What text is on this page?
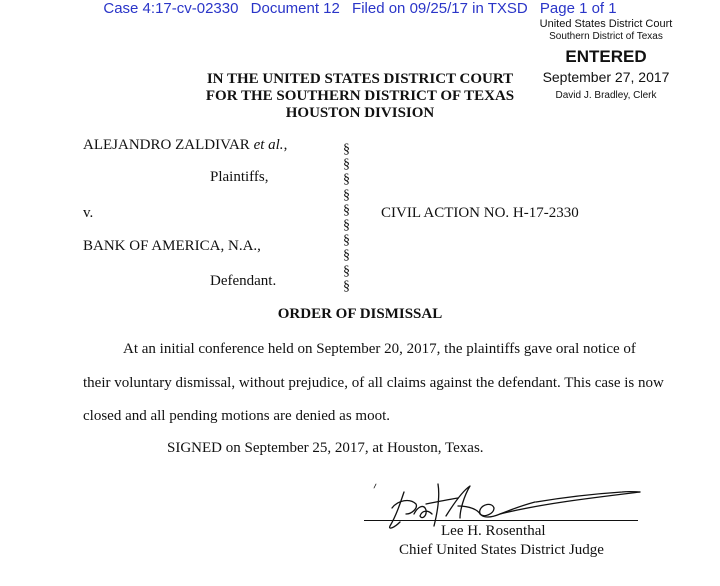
Case 4:17-cv-02330 Document 12 Filed on 09/25/17 in TXSD Page 1 of 1
United States District Court
Southern District of Texas
ENTERED
September 27, 2017
David J. Bradley, Clerk
IN THE UNITED STATES DISTRICT COURT
FOR THE SOUTHERN DISTRICT OF TEXAS
HOUSTON DIVISION
ALEJANDRO ZALDIVAR et al.,
Plaintiffs,
v.
BANK OF AMERICA, N.A.,
Defendant.
§
§
§
§
§
§
§
§
§
§
CIVIL ACTION NO. H-17-2330
ORDER OF DISMISSAL
At an initial conference held on September 20, 2017, the plaintiffs gave oral notice of
their voluntary dismissal, without prejudice, of all claims against the defendant. This case is now
closed and all pending motions are denied as moot.
SIGNED on September 25, 2017, at Houston, Texas.
Lee H. Rosenthal
Chief United States District Judge
